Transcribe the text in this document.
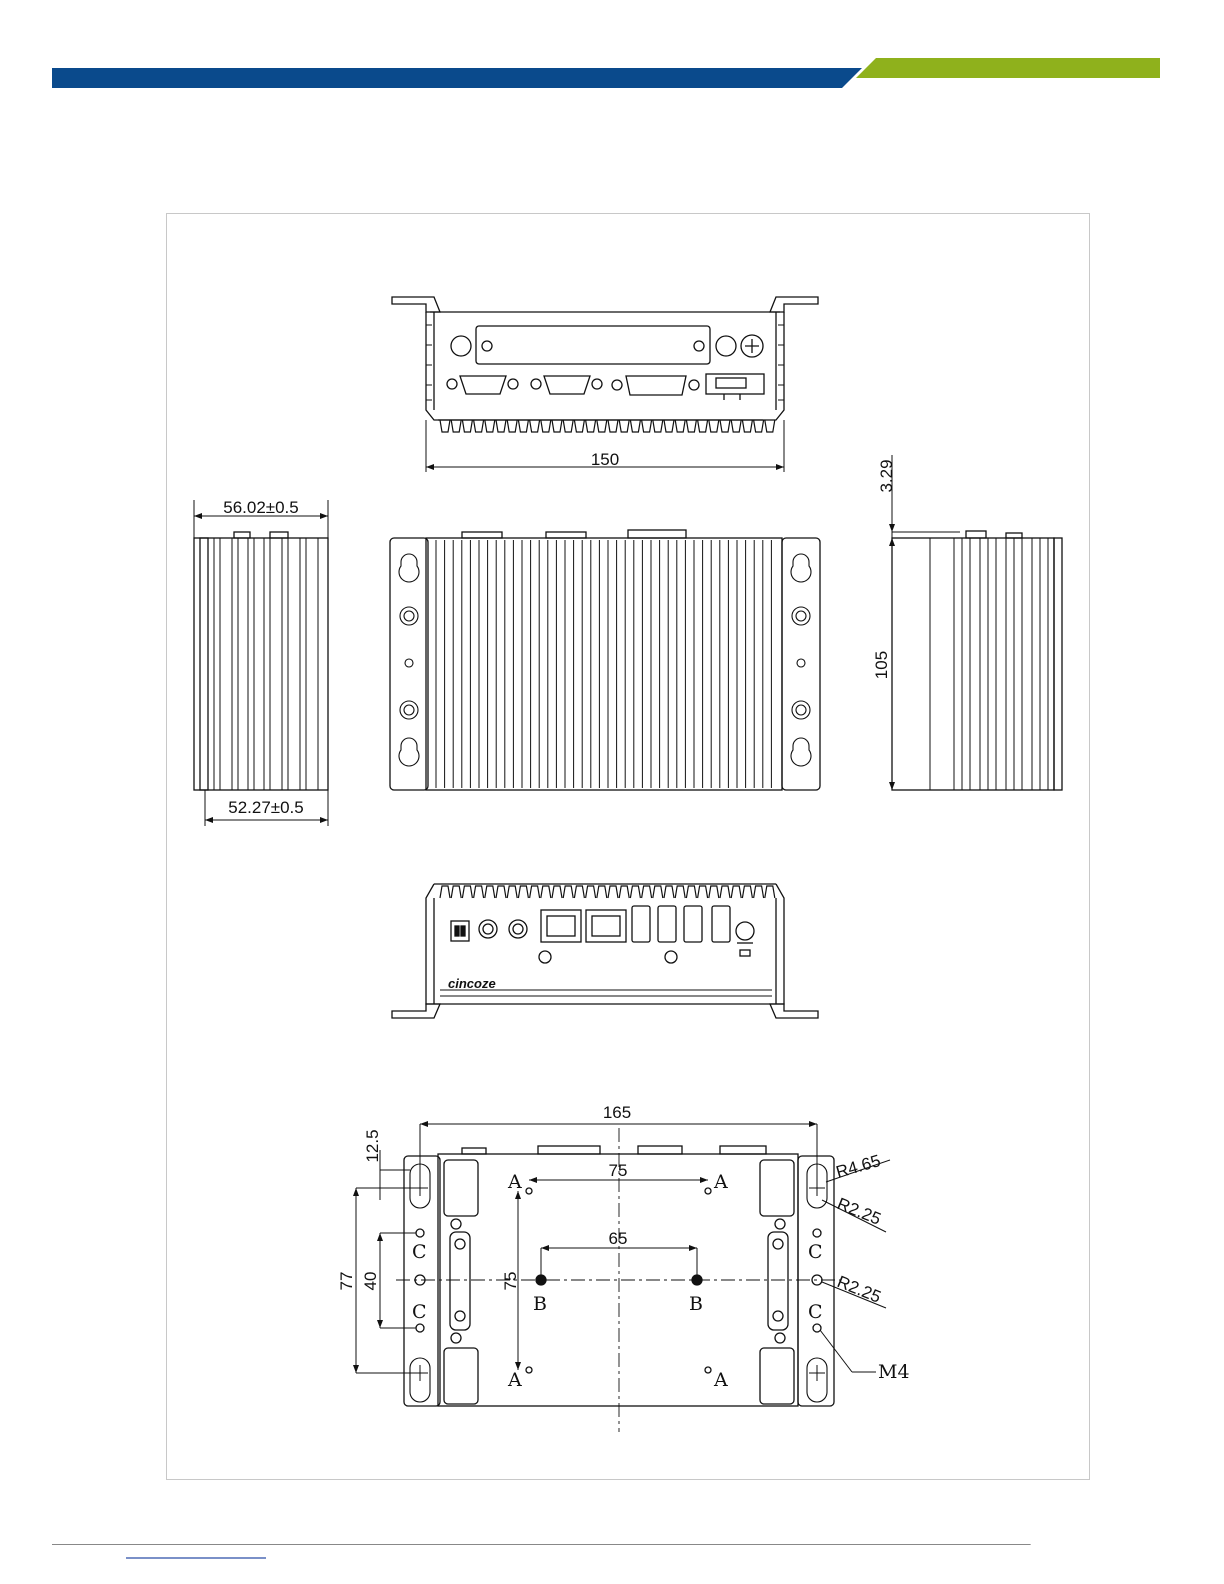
150
56.02±0.5
52.27±0.5
105
3.29
cincoze
165
75
65
75
77 40
12.5
R4.65
R2.25
R2.25
M4
A	A
A	A
B	B
C
C
C
C
